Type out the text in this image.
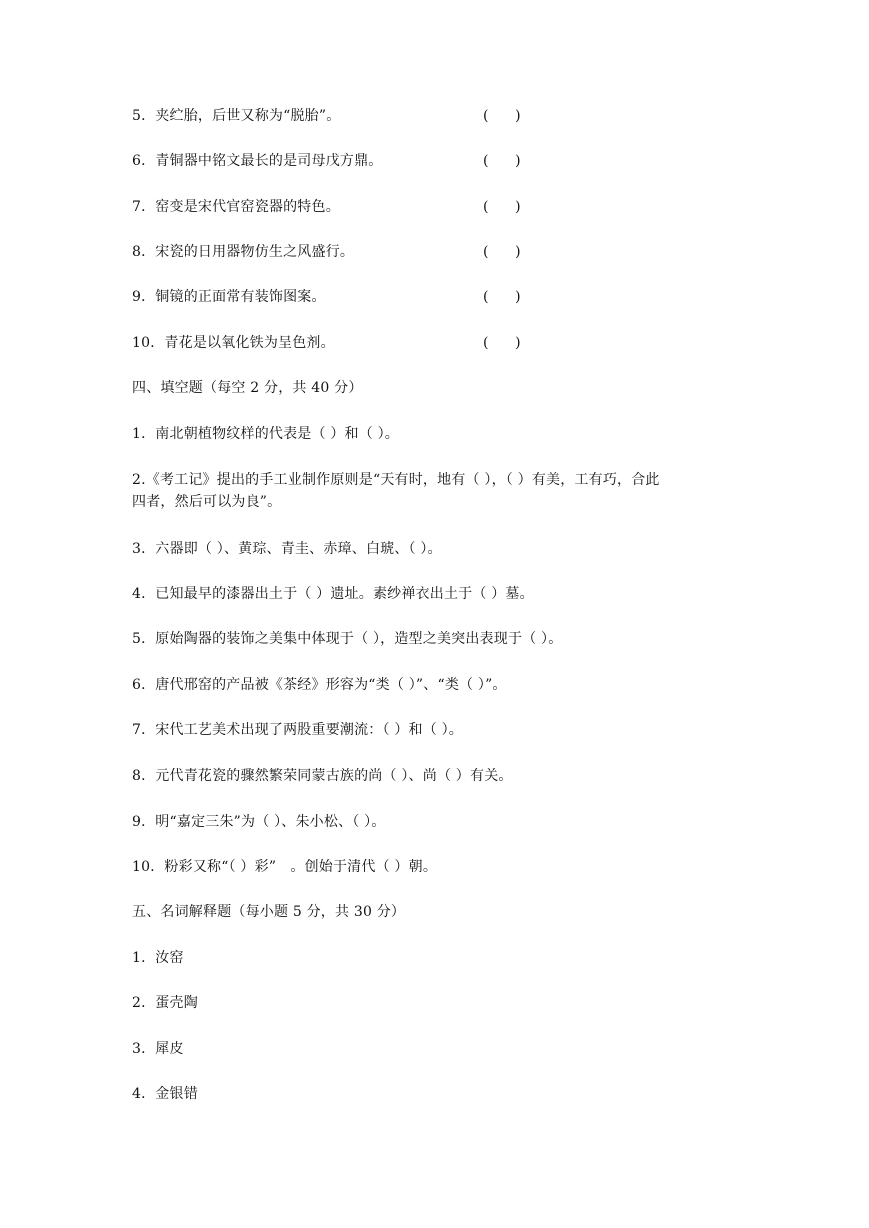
5．夹纻胎，后世又称为“脱胎”。	(      )
6．青铜器中铭文最长的是司母戊方鼎。	(      )
7．窑变是宋代官窑瓷器的特色。	(      )
8．宋瓷的日用器物仿生之风盛行。	(      )
9．铜镜的正面常有装饰图案。	(      )
10．青花是以氧化铁为呈色剂。	(      )
四、填空题（每空 2 分，共 40 分）
1．南北朝植物纹样的代表是（ ）和（ ）。
2.《考工记》提出的手工业制作原则是“天有时，地有（ ），（ ）有美，工有巧，合此
四者，然后可以为良”。
3．六器即（ ）、黄琮、青圭、赤璋、白琥、（ ）。
4．已知最早的漆器出土于（ ）遗址。素纱禅衣出土于（ ）墓。
5．原始陶器的装饰之美集中体现于（ ），造型之美突出表现于（ ）。
6．唐代邢窑的产品被《茶经》形容为“类（ ）”、“类（ ）”。
7．宋代工艺美术出现了两股重要潮流：（ ）和（ ）。
8．元代青花瓷的骤然繁荣同蒙古族的尚（ ）、尚（ ）有关。
9．明“嘉定三朱”为（ ）、朱小松、（ ）。
10．粉彩又称“（ ）彩”　。创始于清代（ ）朝。
五、名词解释题（每小题 5 分，共 30 分）
1．汝窑
2．蛋壳陶
3．犀皮
4．金银错
